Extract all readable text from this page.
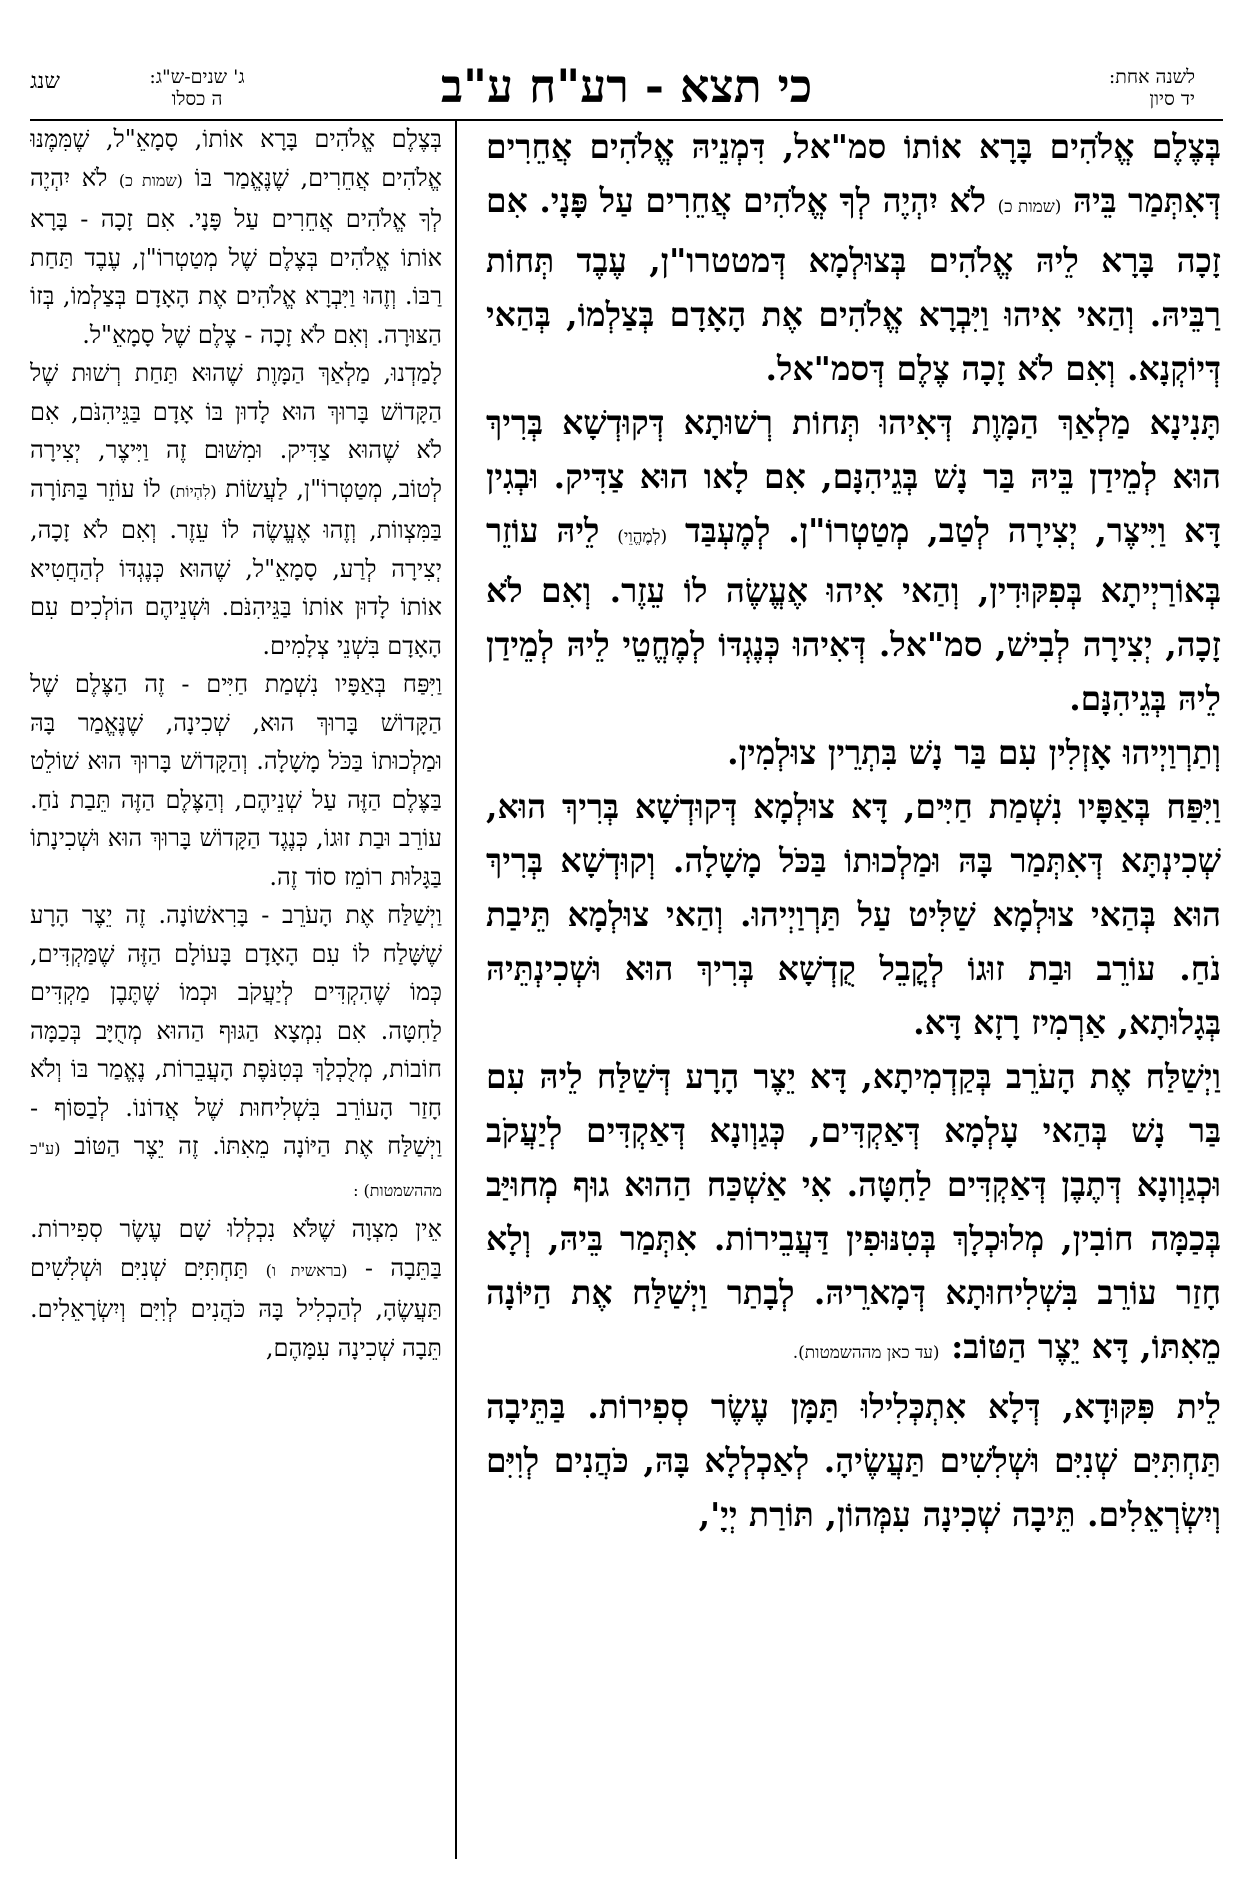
לשנה אחת:
יד סיון
כי תצא - רע"ח ע"ב
שנג	ג' שנים-ש"ג:
ה כסלו

בְּצֶלֶם אֱלֹהִים בָּרָא אוֹתוֹ סמ"אל, דִּמְנֵיהּ אֱלֹהִים אֲחֵרִים דְּאִתְּמַר בֵּיהּ (שמות כ) לֹא יִהְיֶה לְךָ אֱלֹהִים אֲחֵרִים עַל פָּנָי. אִם זָכָה בָּרָא לֵיהּ אֱלֹהִים בְּצוּלְמָא דְּמטטרו"ן, עֶבֶד תְּחוֹת רַבֵּיהּ. וְהַאי אִיהוּ וַיִּבְרָא אֱלֹהִים אֶת הָאָדָם בְּצַלְמוֹ, בְּהַאי דְּיוֹקְנָא. וְאִם לֹא זָכָה צֶלֶם דְּסמ"אל.

תָּנִינָא מַלְאַךְ הַמָּוֶת דְּאִיהוּ תְּחוֹת רְשׁוּתָא דְּקוּדְשָׁא בְּרִיךְ הוּא לְמֵידַן בֵּיהּ בַּר נָשׁ בְּגֵיהִנָּם, אִם לָאו הוּא צַדִּיק. וּבְגִין דָּא וַיִּיצֶר, יְצִירָה לְטַב, מְטַטְרוֹ"ן. לְמֶעְבַּד (לְמֶהֱוֵי) לֵיהּ עוֹזֵר בְּאוֹרַיְיתָא בְּפִקּוּדִין, וְהַאי אִיהוּ אֶעֱשֶׂה לוֹ עֵזֶר. וְאִם לֹא זָכָה, יְצִירָה לְבִישׁ, סמ"אל. דְּאִיהוּ כְּנֶגְדּוֹ לְמֶחֱטֵי לֵיהּ לְמֵידַן לֵיהּ בְּגֵיהִנָּם.

וְתַרְוַיְיהוּ אָזְלִין עִם בַּר נָשׁ בִּתְרֵין צוּלְמִין.

וַיִּפַּח בְּאַפָּיו נִשְׁמַת חַיִּים, דָּא צוּלְמָא דְּקוּדְשָׁא בְּרִיךְ הוּא, שְׁכִינְתָּא דְּאִתְּמַר בָּהּ וּמַלְכוּתוֹ בַּכֹּל מָשָׁלָה. וְקוּדְשָׁא בְּרִיךְ הוּא בְּהַאי צוּלְמָא שַׁלִּיט עַל תַּרְוַיְיהוּ. וְהַאי צוּלְמָא תֵּיבַת נֹחַ. עוֹרֵב וּבַת זוּגוֹ לְקֳבֵל קֻדְשָׁא בְּרִיךְ הוּא וּשְׁכִינְתֵּיהּ בְּגָלוּתָא, אַרְמִיז רָזָא דָּא.

וַיְשַׁלַּח אֶת הָעֹרֵב בְּקַדְמִיתָא, דָּא יֵצֶר הָרָע דְּשַׁלַּח לֵיהּ עִם בַּר נָשׁ בְּהַאי עָלְמָא דְּאַקְדִּים, כְּגַוְונָא דְּאַקְדִּים לְיַעֲקֹב וּכְגַוְונָא דְּתֶבֶן דְּאַקְדִּים לַחִטָּה. אִי אַשְׁכַּח הַהוּא גוּף מְחוּיַּב בְּכַמָּה חוֹבִין, מְלוּכְלָךְ בְּטִנּוּפִין דַּעֲבֵירוֹת. אִתְּמַר בֵּיהּ, וְלָא חָזַר עוֹרֵב בִּשְׁלִיחוּתָא דְּמָארֵיהּ. לְבָתַר וַיְשַׁלַּח אֶת הַיּוֹנָה מֵאִתּוֹ, דָּא יֵצֶר הַטּוֹב: (עד כאן מההשמטות).

לֵית פִּקּוּדָא, דְּלָא אִתְכְּלִילוּ תַּמָּן עֶשֶׂר סְפִירוֹת. בַּתֵּיבָה תַּחְתִּיִּם שְׁנִיִּם וּשְׁלִשִׁים תַּעֲשֶׂיהָ. לְאַכְלְלָא בָּהּ, כֹּהֲנִים לְוִיִּם וְיִשְׂרְאֵלִים. תֵּיבָה שְׁכִינָה עִמְּהוֹן, תּוֹרַת יְיָ',

בְּצֶלֶם אֱלֹהִים בָּרָא אוֹתוֹ, סָמָאֵ"ל, שֶׁמִּמֶּנּוּ אֱלֹהִים אֲחֵרִים, שֶׁנֶּאֱמַר בּוֹ (שמות כ) לֹא יִהְיֶה לְךָ אֱלֹהִים אֲחֵרִים עַל פָּנָי. אִם זָכָה - בָּרָא אוֹתוֹ אֱלֹהִים בְּצֶלֶם שֶׁל מְטַטְרוֹ"ן, עֶבֶד תַּחַת רַבּוֹ. וְזֶהוּ וַיִּבְרָא אֱלֹהִים אֶת הָאָדָם בְּצַלְמוֹ, בְּזוֹ הַצּוּרָה. וְאִם לֹא זָכָה - צֶלֶם שֶׁל סָמָאֵ"ל.

לָמַדְנוּ, מַלְאַךְ הַמָּוֶת שֶׁהוּא תַּחַת רְשׁוּת שֶׁל הַקָּדוֹשׁ בָּרוּךְ הוּא לָדוּן בּוֹ אָדָם בַּגֵּיהִנֹּם, אִם לֹא שֶׁהוּא צַדִּיק. וּמִשּׁוּם זֶה וַיִּיצֶר, יְצִירָה לְטוֹב, מְטַטְרוֹ"ן, לַעֲשׂוֹת (לִהְיוֹת) לוֹ עוֹזֵר בַּתּוֹרָה בַּמִּצְווֹת, וְזֶהוּ אֶעֱשֶׂה לוֹ עֵזֶר. וְאִם לֹא זָכָה, יְצִירָה לְרַע, סָמָאֵ"ל, שֶׁהוּא כְּנֶגְדּוֹ לְהַחֲטִיא אוֹתוֹ לָדוּן אוֹתוֹ בַּגֵּיהִנֹּם. וּשְׁנֵיהֶם הוֹלְכִים עִם הָאָדָם בִּשְׁנֵי צְלָמִים.

וַיִּפַּח בְּאַפָּיו נִשְׁמַת חַיִּים - זֶה הַצֶּלֶם שֶׁל הַקָּדוֹשׁ בָּרוּךְ הוּא, שְׁכִינָה, שֶׁנֶּאֱמַר בָּהּ וּמַלְכוּתוֹ בַּכֹּל מָשָׁלָה. וְהַקָּדוֹשׁ בָּרוּךְ הוּא שׁוֹלֵט בַּצֶּלֶם הַזֶּה עַל שְׁנֵיהֶם, וְהַצֶּלֶם הַזֶּה תֵּבַת נֹחַ. עוֹרֵב וּבַת זוּגוֹ, כְּנֶגֶד הַקָּדוֹשׁ בָּרוּךְ הוּא וּשְׁכִינָתוֹ בַּגָּלוּת רוֹמֵז סוֹד זֶה.

וַיְשַׁלַּח אֶת הָעֹרֵב - בָּרִאשׁוֹנָה. זֶה יֵצֶר הָרָע שֶׁשָּׁלַח לוֹ עִם הָאָדָם בָּעוֹלָם הַזֶּה שֶׁמַּקְדִּים, כְּמוֹ שֶׁהִקְדִּים לְיַעֲקֹב וּכְמוֹ שֶׁתֶּבֶן מַקְדִּים לַחִטָּה. אִם נִמְצָא הַגּוּף הַהוּא מְחֻיָּב בְּכַמָּה חוֹבוֹת, מְלֻכְלָךְ בְּטִנֹּפֶת הָעֲבֵרוֹת, נֶאֱמַר בּוֹ וְלֹא חָזַר הָעוֹרֵב בִּשְׁלִיחוּת שֶׁל אֲדוֹנוֹ. לְבַסּוֹף - וַיְשַׁלַּח אֶת הַיּוֹנָה מֵאִתּוֹ. זֶה יֵצֶר הַטּוֹב (ע"כ מההשמטות) :

אֵין מִצְוָה שֶׁלֹּא נִכְלְלוּ שָׁם עֶשֶׂר סְפִירוֹת. בַּתֵּבָה - (בראשית ו) תַּחְתִּיִּם שְׁנִיִּם וּשְׁלִשִׁים תַּעֲשֶׂהָ, לְהַכְלִיל בָּהּ כֹּהֲנִים לְוִיִּם וְיִשְׂרָאֵלִים. תֵּבָה שְׁכִינָה עִמָּהֶם,
